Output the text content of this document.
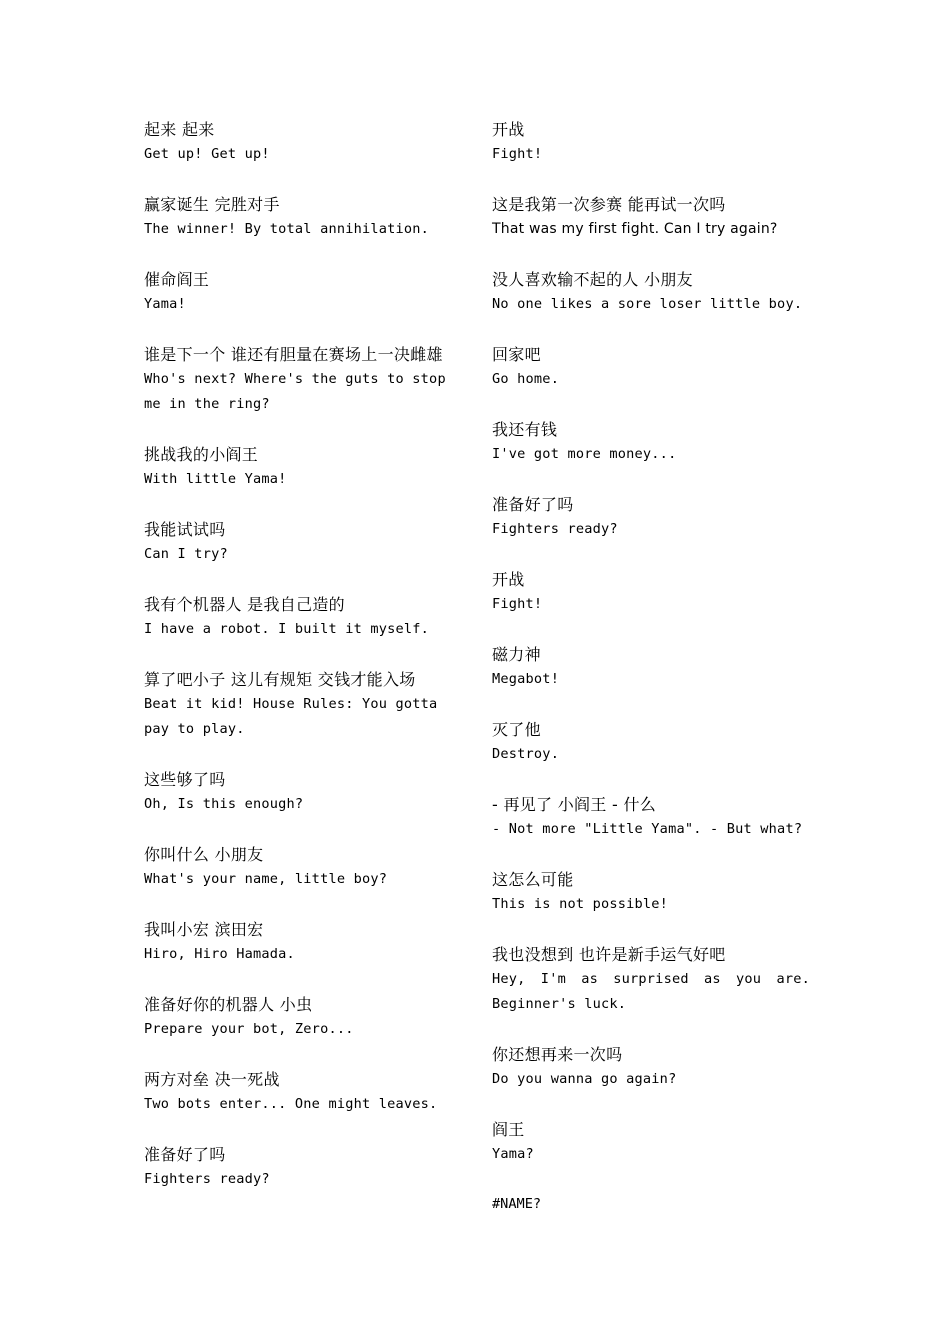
起来 起来
Get up! Get up!
赢家诞生 完胜对手
The winner! By total annihilation.
催命阎王
Yama!
谁是下一个 谁还有胆量在赛场上一决雌雄
Who's next? Where's the guts to stop me in the ring?
挑战我的小阎王
With little Yama!
我能试试吗
Can I try?
我有个机器人 是我自己造的
I have a robot. I built it myself.
算了吧小子 这儿有规矩 交钱才能入场
Beat it kid! House Rules: You gotta pay to play.
这些够了吗
Oh, Is this enough?
你叫什么 小朋友
What's your name, little boy?
我叫小宏 滨田宏
Hiro, Hiro Hamada.
准备好你的机器人 小虫
Prepare your bot, Zero...
两方对垒 决一死战
Two bots enter... One might leaves.
准备好了吗
Fighters ready?
开战
Fight!
这是我第一次参赛 能再试一次吗
That was my first fight. Can I try again?
没人喜欢输不起的人 小朋友
No one likes a sore loser little boy.
回家吧
Go home.
我还有钱
I've got more money...
准备好了吗
Fighters ready?
开战
Fight!
磁力神
Megabot!
灭了他
Destroy.
- 再见了 小阎王 - 什么
- Not more "Little Yama". - But what?
这怎么可能
This is not possible!
我也没想到 也许是新手运气好吧
Hey, I'm as surprised as you are. Beginner's luck.
你还想再来一次吗
Do you wanna go again?
阎王
Yama?
#NAME?
